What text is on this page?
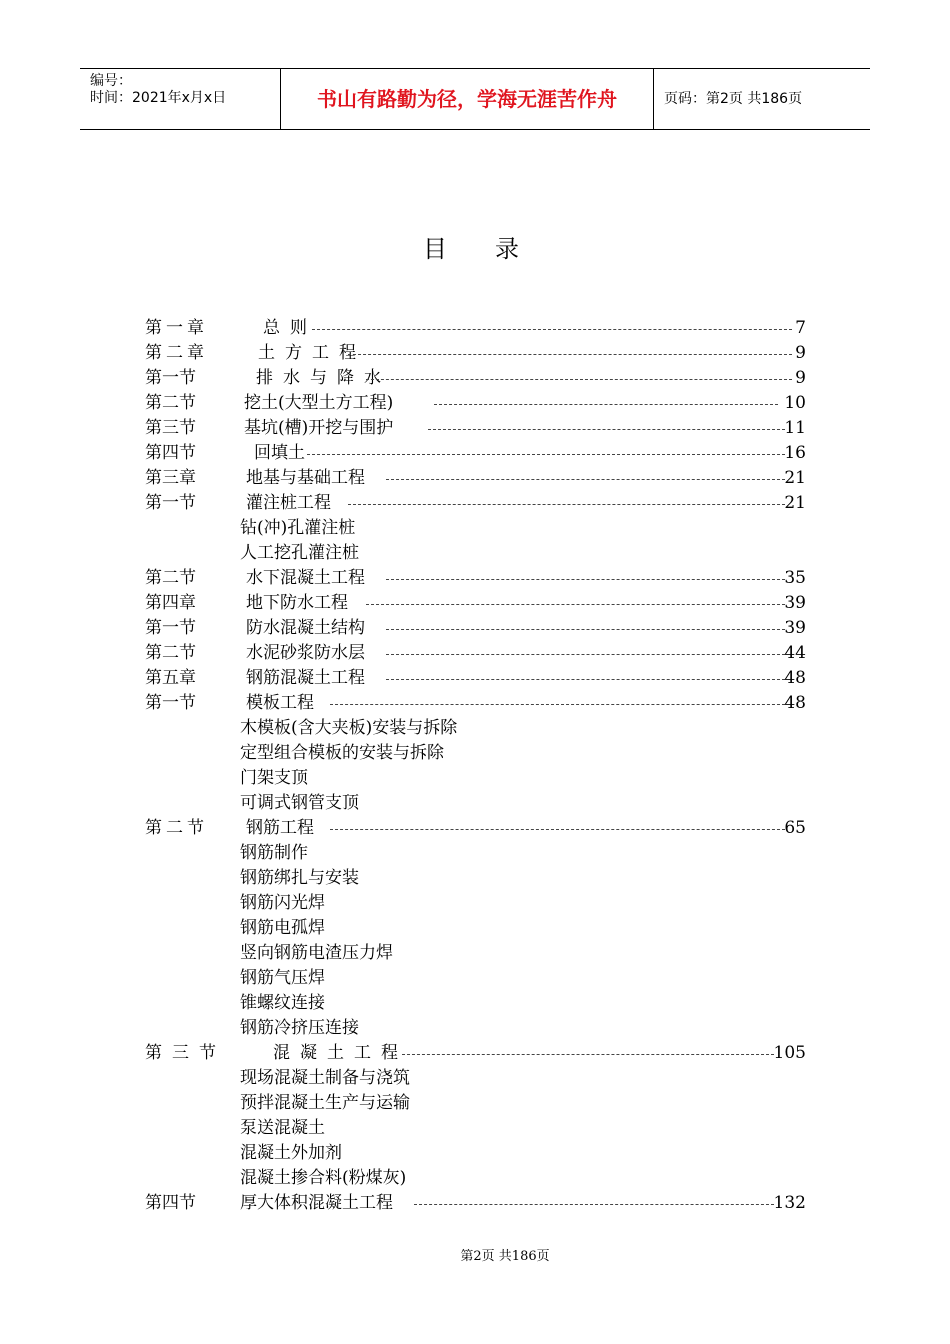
编号：
时间：2021年x月x日	书山有路勤为径，学海无涯苦作舟	页码：第2页 共186页
目录
第一章	总则	7
第二章	土方工程	9
第一节	排水与降水	9
第二节	挖土(大型土方工程)	10
第三节	基坑(槽)开挖与围护	11
第四节	回填土	16
第三章	地基与基础工程	21
第一节	灌注桩工程	21
钻(冲)孔灌注桩
人工挖孔灌注桩
第二节	水下混凝土工程	35
第四章	地下防水工程	39
第一节	防水混凝土结构	39
第二节	水泥砂浆防水层	44
第五章	钢筋混凝土工程	48
第一节	模板工程	48
木模板(含大夹板)安装与拆除
定型组合模板的安装与拆除
门架支顶
可调式钢管支顶
第二节 钢筋工程	65
钢筋制作
钢筋绑扎与安装
钢筋闪光焊
钢筋电孤焊
竖向钢筋电渣压力焊
钢筋气压焊
锥螺纹连接
钢筋冷挤压连接
第三节	混凝土工程	105
现场混凝土制备与浇筑
预拌混凝土生产与运输
泵送混凝土
混凝土外加剂
混凝土掺合料(粉煤灰)
第四节	厚大体积混凝土工程	132
第2页 共186页
